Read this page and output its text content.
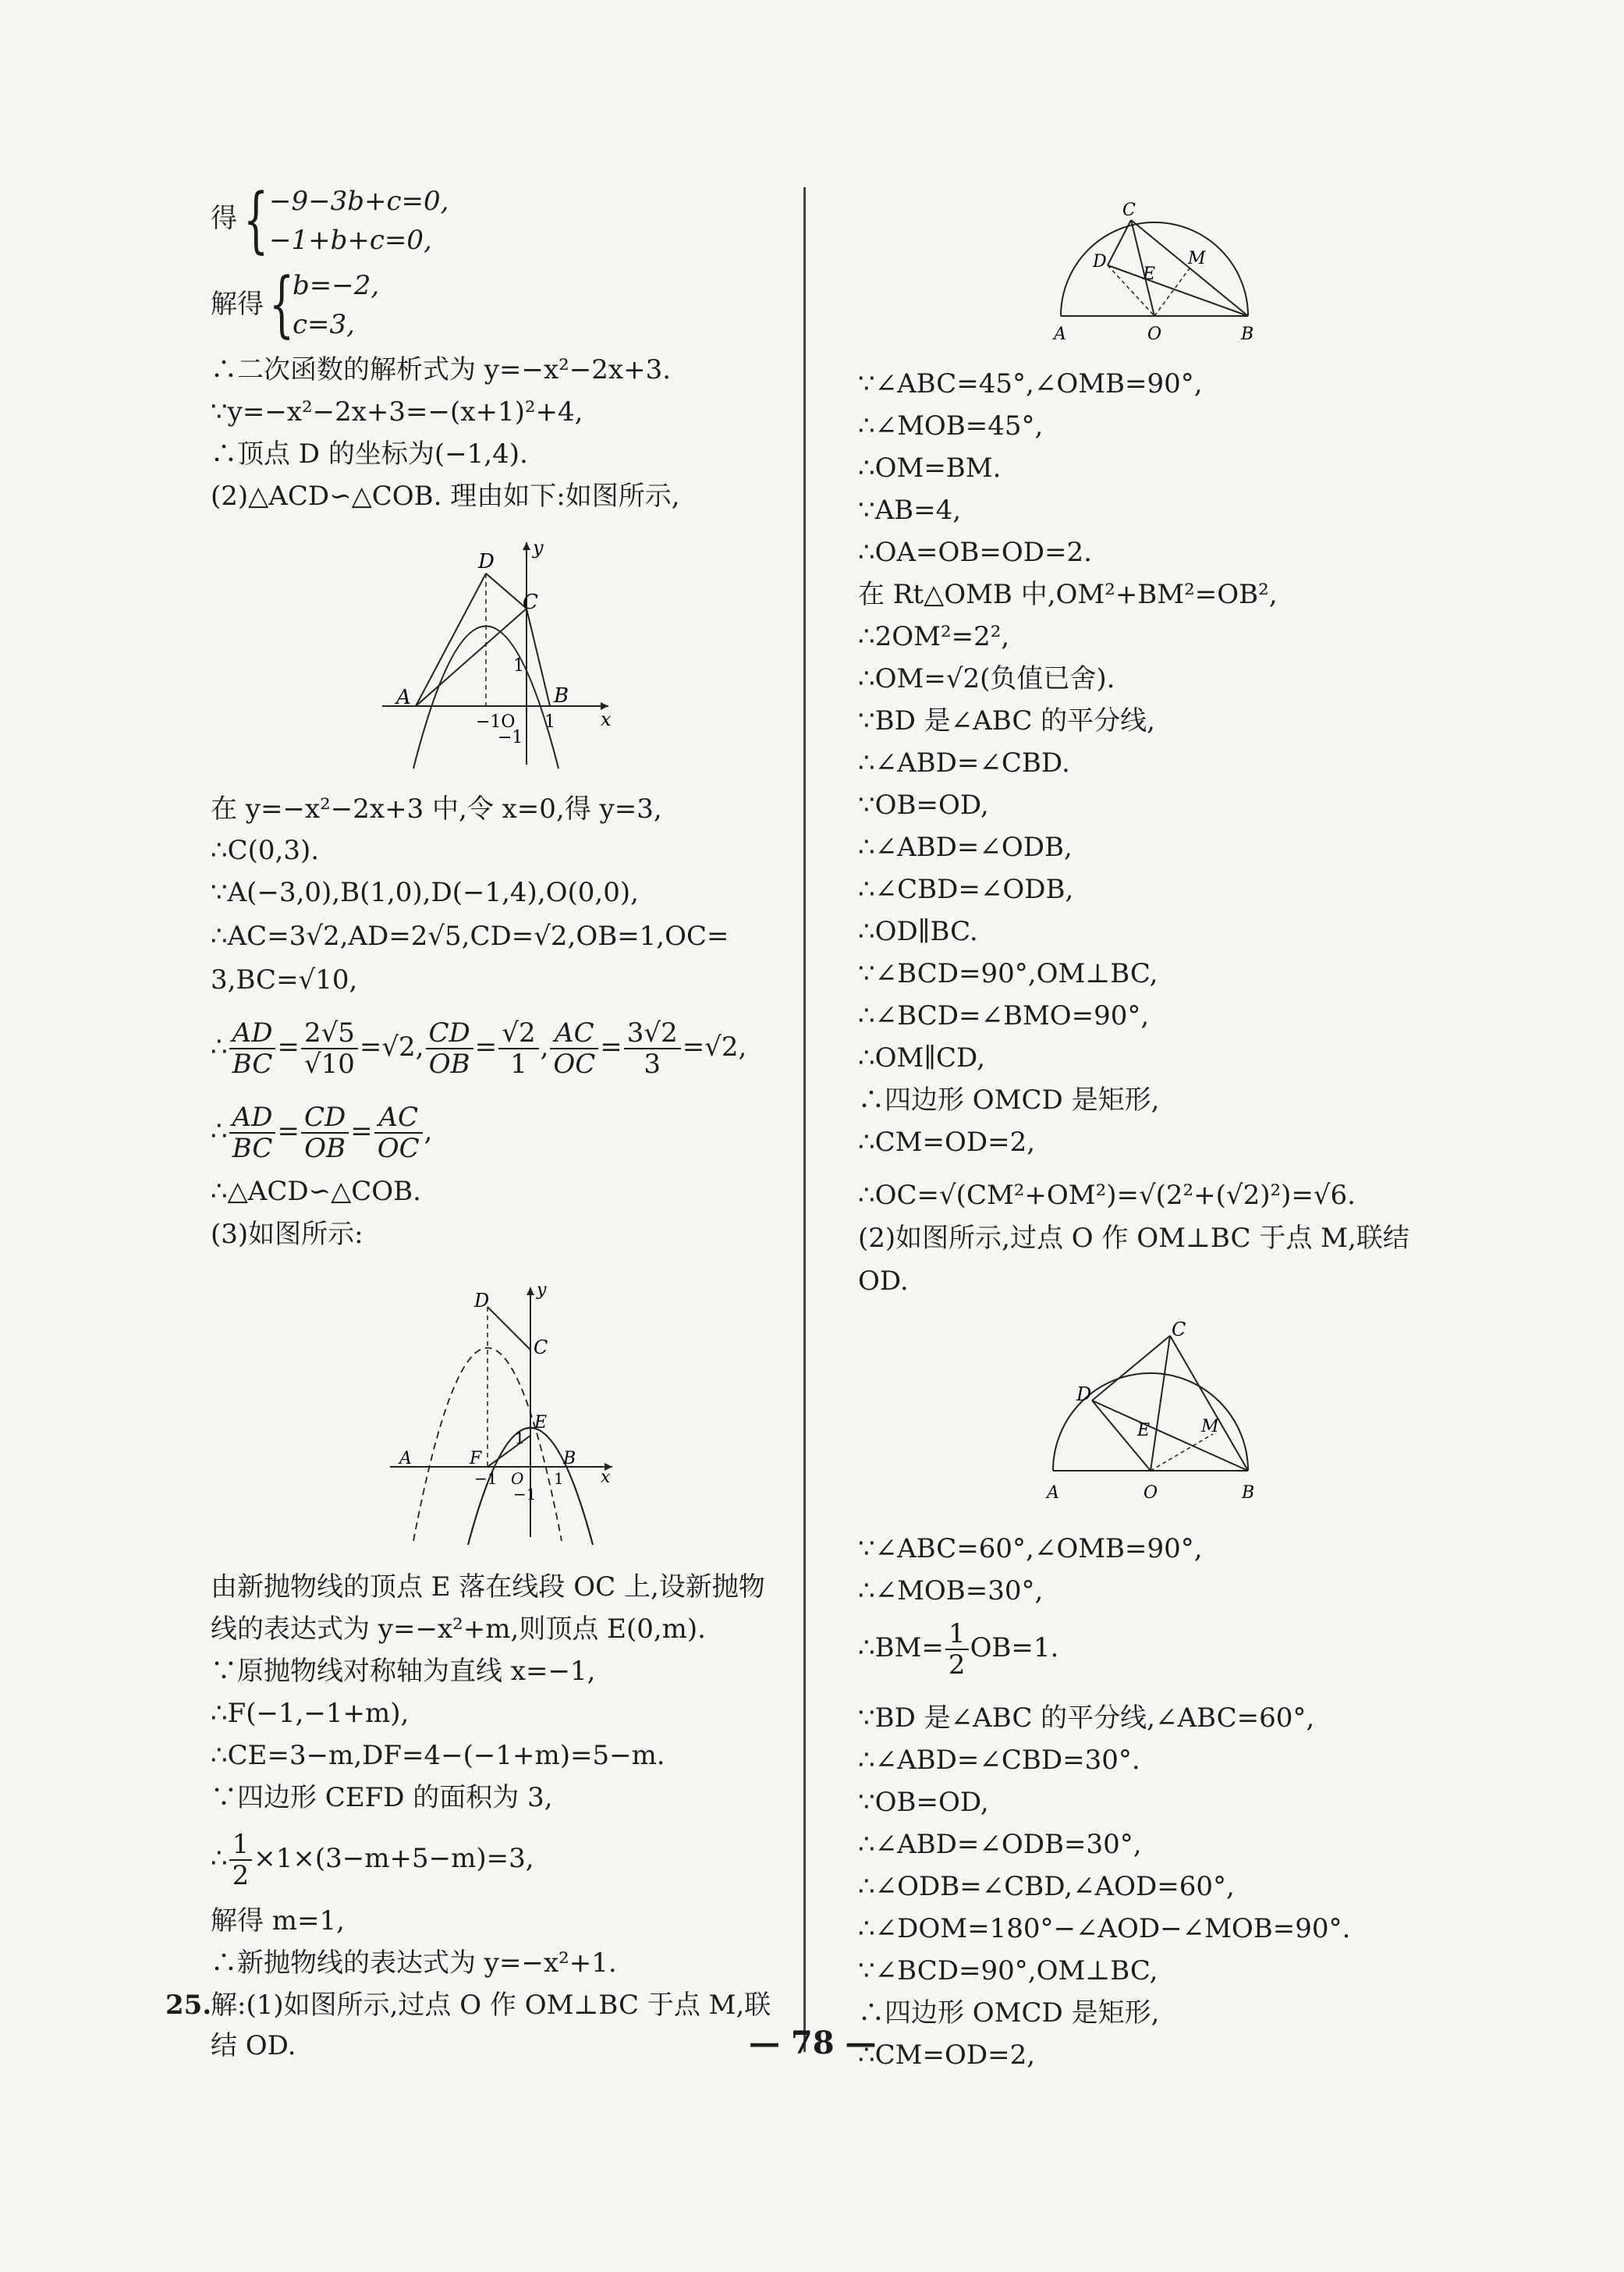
得 { −9−3b+c=0,
−1+b+c=0,
解得 {
b=−2,
c=3,
∴二次函数的解析式为 y=−x²−2x+3.
∵y=−x²−2x+3=−(x+1)²+4,
∴顶点 D 的坐标为(−1,4).
(2)△ACD∽△COB. 理由如下:如图所示,
D
y
C
1
A
−1O
B
x
−1
1
在 y=−x²−2x+3 中,令 x=0,得 y=3,
∴C(0,3).
∵A(−3,0),B(1,0),D(−1,4),O(0,0),
∴AC=3√2,AD=2√5,CD=√2,OB=1,OC=
3,BC=√10,
∴ $\frac{AD}{BC} = \frac{2√5}{√10} =√2$, $\frac{CD}{OB} = \frac{√2}{1}$ , $\frac{AC}{OC} = \frac{3√2}{3} =√2$,
∴ $\frac{AD}{BC} = \frac{CD}{OB} = \frac{AC}{OC}$ ,
∴△ACD∽△COB.
(3)如图所示:
D	y
C
E
1
A	F	B
x
−1 O 1
−1
由新抛物线的顶点 E 落在线段 OC 上,设新抛物
线的表达式为 y=−x²+m,则顶点 E(0,m).
∵原抛物线对称轴为直线 x=−1,
∴F(−1,−1+m),
∴CE=3−m,DF=4−(−1+m)=5−m.
∵四边形 CEFD 的面积为 3,
∴ $\frac{1}{2} \times 1\times(3-m+5-m)=3$,
解得 m=1,
∴新抛物线的表达式为 y=−x²+1.
25.
解:(1)如图所示,过点 O 作 OM⊥BC 于点 M,联
结 OD.
C
D
E
M
A	O	B
∵∠ABC=45°,∠OMB=90°,
∴∠MOB=45°,
∴OM=BM.
∵AB=4,
∴OA=OB=OD=2.
在 Rt△OMB 中,OM²+BM²=OB²,
∴2OM²=2²,
∴OM=√2(负值已舍).
∵BD 是∠ABC 的平分线,
∴∠ABD=∠CBD.
∵OB=OD,
∴∠ABD=∠ODB,
∴∠CBD=∠ODB,
∴OD∥BC.
∵∠BCD=90°,OM⊥BC,
∴∠BCD=∠BMO=90°,
∴OM∥CD,
∴四边形 OMCD 是矩形,
∴CM=OD=2,
∴OC=√(CM²+OM²)=√(2²+(√2)²)=√6.
(2)如图所示,过点 O 作 OM⊥BC 于点 M,联结
OD.
C
D
E	M
A	O	B
∵∠ABC=60°,∠OMB=90°,
∴∠MOB=30°,
∴BM= $\frac{1}{2} OB=1$.
∵BD 是∠ABC 的平分线,∠ABC=60°,
∴∠ABD=∠CBD=30°.
∵OB=OD,
∴∠ABD=∠ODB=30°,
∴∠ODB=∠CBD,∠AOD=60°,
∴∠DOM=180°−∠AOD−∠MOB=90°.
∵∠BCD=90°,OM⊥BC,
∴四边形 OMCD 是矩形,
∴CM=OD=2,
— 78 —
